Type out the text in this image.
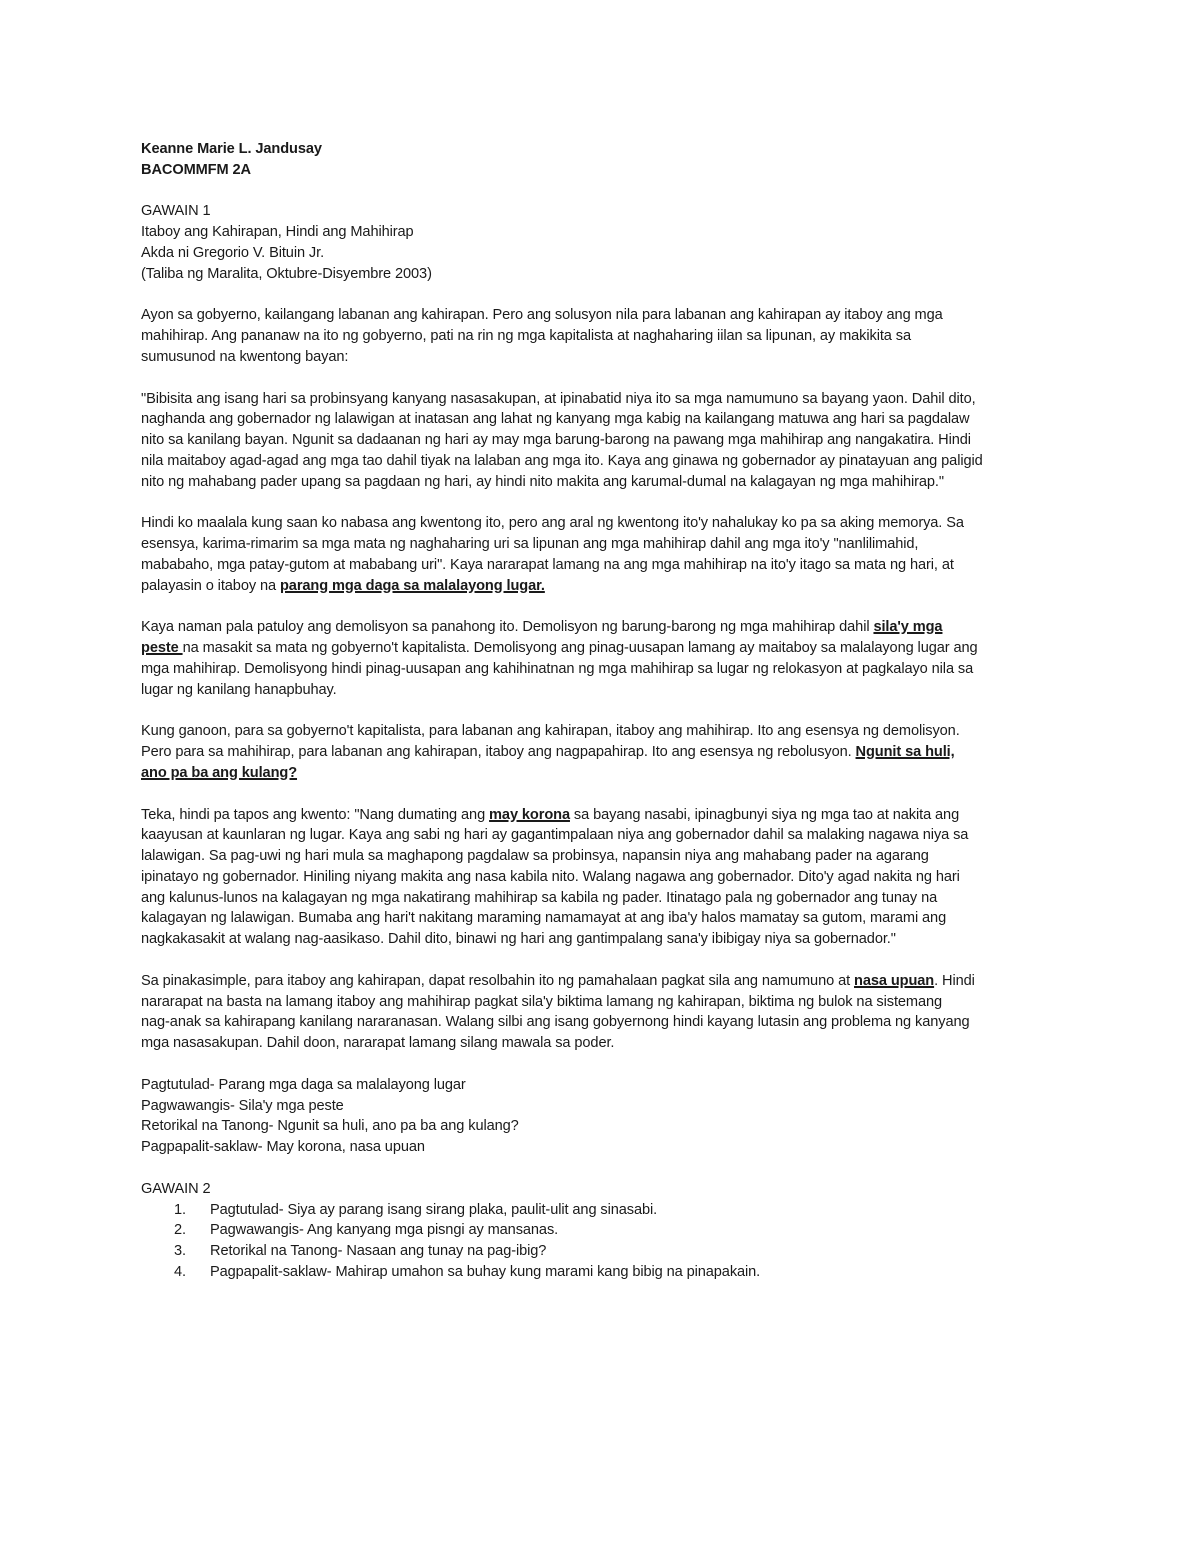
Keanne Marie L. Jandusay
BACOMMFM 2A
GAWAIN 1
Itaboy ang Kahirapan, Hindi ang Mahihirap
Akda ni Gregorio V. Bituin Jr.
(Taliba ng Maralita, Oktubre-Disyembre 2003)
Ayon sa gobyerno, kailangang labanan ang kahirapan. Pero ang solusyon nila para labanan ang kahirapan ay itaboy ang mga
mahihirap. Ang pananaw na ito ng gobyerno, pati na rin ng mga kapitalista at naghaharing iilan sa lipunan, ay makikita sa
sumusunod na kwentong bayan:
"Bibisita ang isang hari sa probinsyang kanyang nasasakupan, at ipinabatid niya ito sa mga namumuno sa bayang yaon. Dahil dito,
naghanda ang gobernador ng lalawigan at inatasan ang lahat ng kanyang mga kabig na kailangang matuwa ang hari sa pagdalaw
nito sa kanilang bayan. Ngunit sa dadaanan ng hari ay may mga barung-barong na pawang mga mahihirap ang nangakatira. Hindi
nila maitaboy agad-agad ang mga tao dahil tiyak na lalaban ang mga ito. Kaya ang ginawa ng gobernador ay pinatayuan ang paligid
nito ng mahabang pader upang sa pagdaan ng hari, ay hindi nito makita ang karumal-dumal na kalagayan ng mga mahihirap."
Hindi ko maalala kung saan ko nabasa ang kwentong ito, pero ang aral ng kwentong ito'y nahalukay ko pa sa aking memorya. Sa
esensya, karima-rimarim sa mga mata ng naghaharing uri sa lipunan ang mga mahihirap dahil ang mga ito'y "nanlilimahid,
mababaho, mga patay-gutom at mababang uri". Kaya nararapat lamang na ang mga mahihirap na ito'y itago sa mata ng hari, at
palayasin o itaboy na parang mga daga sa malalayong lugar.
Kaya naman pala patuloy ang demolisyon sa panahong ito. Demolisyon ng barung-barong ng mga mahihirap dahil sila'y mga
peste na masakit sa mata ng gobyerno't kapitalista. Demolisyong ang pinag-uusapan lamang ay maitaboy sa malalayong lugar ang
mga mahihirap. Demolisyong hindi pinag-uusapan ang kahihinatnan ng mga mahihirap sa lugar ng relokasyon at pagkalayo nila sa
lugar ng kanilang hanapbuhay.
Kung ganoon, para sa gobyerno't kapitalista, para labanan ang kahirapan, itaboy ang mahihirap. Ito ang esensya ng demolisyon.
Pero para sa mahihirap, para labanan ang kahirapan, itaboy ang nagpapahirap. Ito ang esensya ng rebolusyon. Ngunit sa huli,
ano pa ba ang kulang?
Teka, hindi pa tapos ang kwento: "Nang dumating ang may korona sa bayang nasabi, ipinagbunyi siya ng mga tao at nakita ang
kaayusan at kaunlaran ng lugar. Kaya ang sabi ng hari ay gagantimpalaan niya ang gobernador dahil sa malaking nagawa niya sa
lalawigan. Sa pag-uwi ng hari mula sa maghapong pagdalaw sa probinsya, napansin niya ang mahabang pader na agarang
ipinatayo ng gobernador. Hiniling niyang makita ang nasa kabila nito. Walang nagawa ang gobernador. Dito'y agad nakita ng hari
ang kalunus-lunos na kalagayan ng mga nakatirang mahihirap sa kabila ng pader. Itinatago pala ng gobernador ang tunay na
kalagayan ng lalawigan. Bumaba ang hari't nakitang maraming namamayat at ang iba'y halos mamatay sa gutom, marami ang
nagkakasakit at walang nag-aasikaso. Dahil dito, binawi ng hari ang gantimpalang sana'y ibibigay niya sa gobernador."
Sa pinakasimple, para itaboy ang kahirapan, dapat resolbahin ito ng pamahalaan pagkat sila ang namumuno at nasa upuan. Hindi
nararapat na basta na lamang itaboy ang mahihirap pagkat sila'y biktima lamang ng kahirapan, biktima ng bulok na sistemang
nag-anak sa kahirapang kanilang nararanasan. Walang silbi ang isang gobyernong hindi kayang lutasin ang problema ng kanyang
mga nasasakupan. Dahil doon, nararapat lamang silang mawala sa poder.
Pagtutulad- Parang mga daga sa malalayong lugar
Pagwawangis- Sila'y mga peste
Retorikal na Tanong- Ngunit sa huli, ano pa ba ang kulang?
Pagpapalit-saklaw- May korona, nasa upuan
GAWAIN 2
1. Pagtutulad- Siya ay parang isang sirang plaka, paulit-ulit ang sinasabi.
2. Pagwawangis- Ang kanyang mga pisngi ay mansanas.
3. Retorikal na Tanong- Nasaan ang tunay na pag-ibig?
4. Pagpapalit-saklaw- Mahirap umahon sa buhay kung marami kang bibig na pinapakain.
